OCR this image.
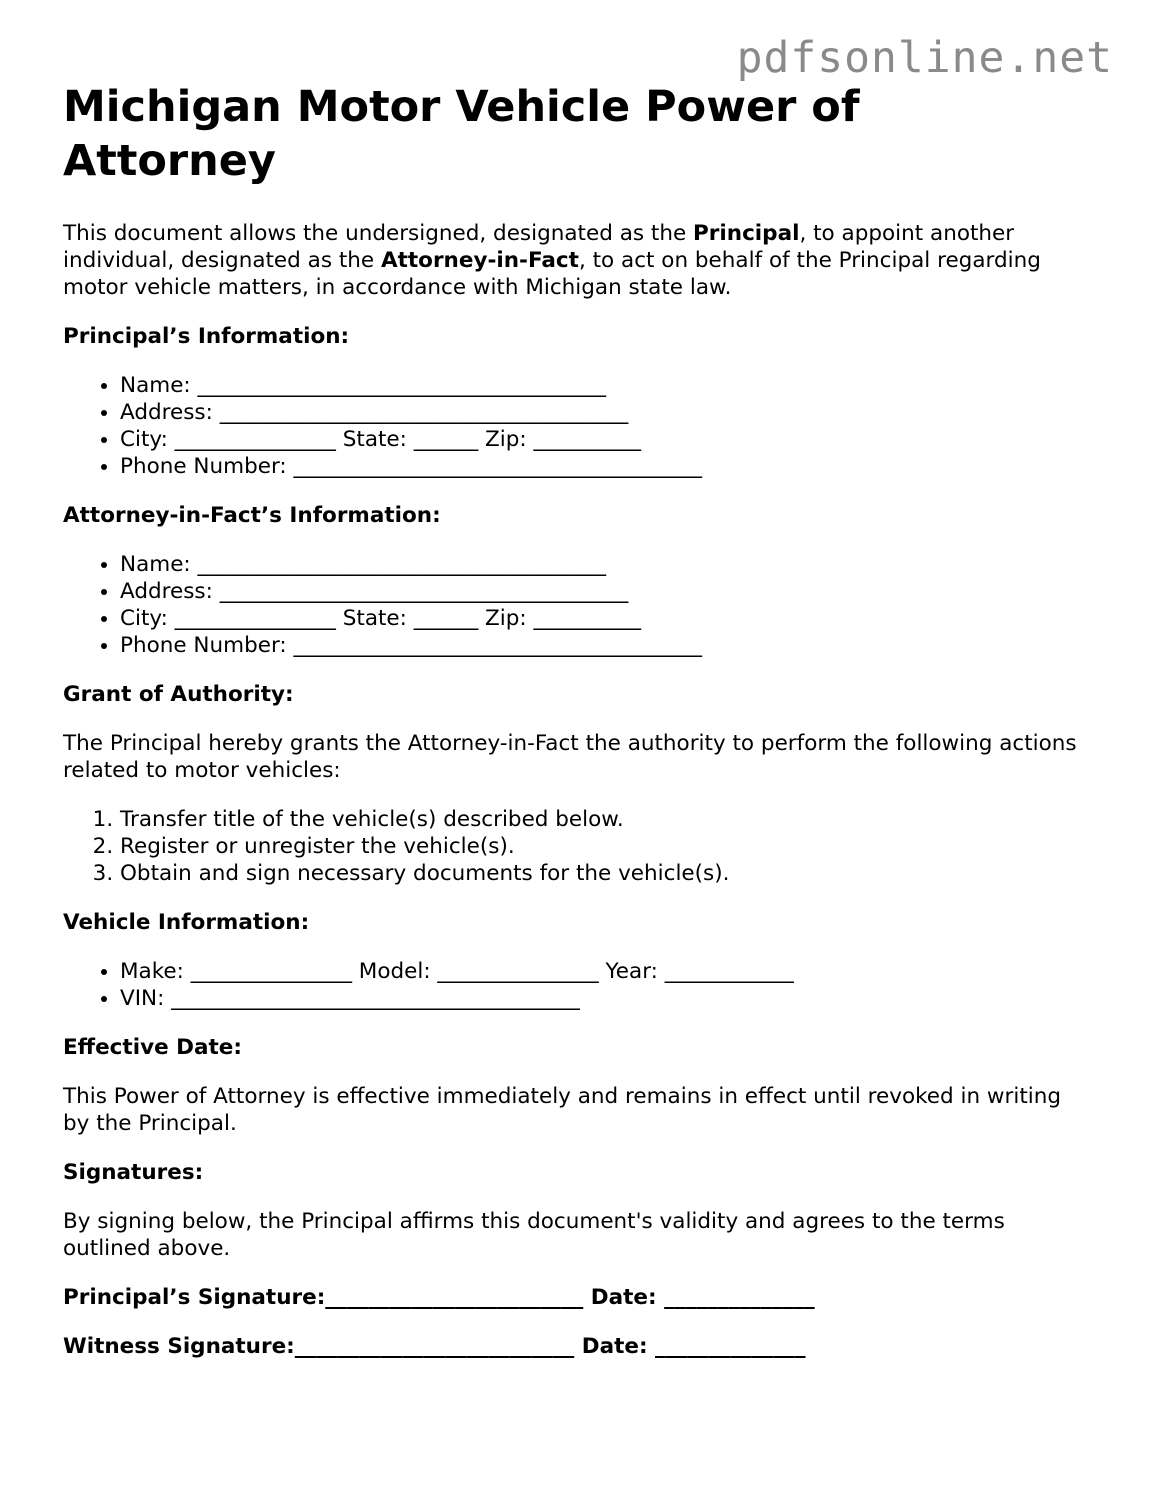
pdfsonline.net
Michigan Motor Vehicle Power of Attorney

This document allows the undersigned, designated as the Principal, to appoint another individual, designated as the Attorney-in-Fact, to act on behalf of the Principal regarding motor vehicle matters, in accordance with Michigan state law.

Principal’s Information:
• Name: ______________________________________
• Address: ______________________________________
• City: _______________ State: ______ Zip: __________
• Phone Number: ______________________________________
Attorney-in-Fact’s Information:
• Name: ______________________________________
• Address: ______________________________________
• City: _______________ State: ______ Zip: __________
• Phone Number: ______________________________________
Grant of Authority:

The Principal hereby grants the Attorney-in-Fact the authority to perform the following actions related to motor vehicles:

1. Transfer title of the vehicle(s) described below.
2. Register or unregister the vehicle(s).
3. Obtain and sign necessary documents for the vehicle(s).
Vehicle Information:
• Make: _______________ Model: _______________ Year: ____________
• VIN: ______________________________________
Effective Date:

This Power of Attorney is effective immediately and remains in effect until revoked in writing by the Principal.

Signatures:

By signing below, the Principal affirms this document's validity and agrees to the terms outlined above.

Principal’s Signature:________________________ Date: ______________
Witness Signature:__________________________ Date: ______________
